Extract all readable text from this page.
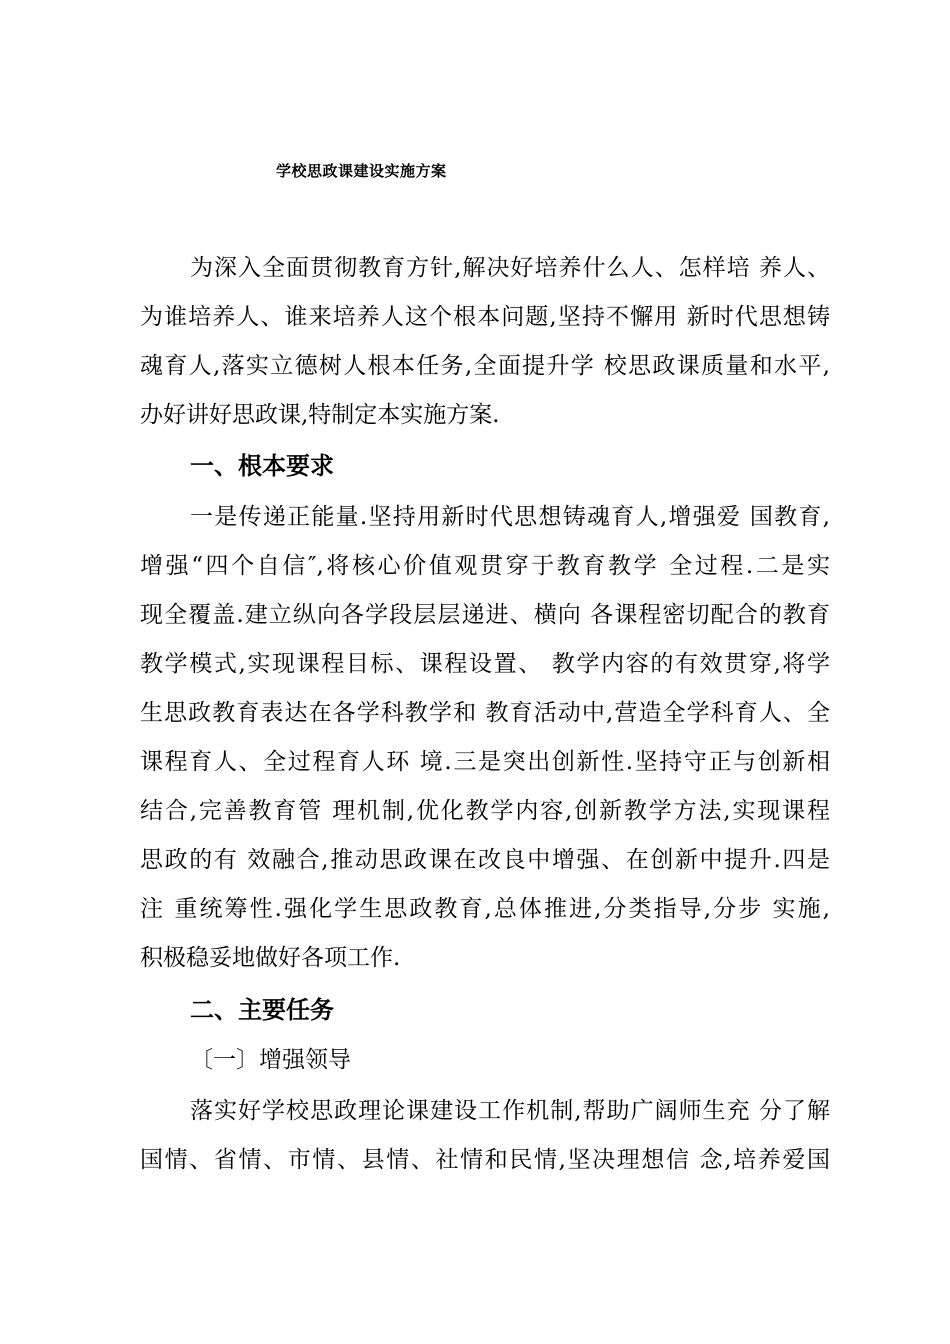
学校思政课建设实施方案
为深入全面贯彻教育方针,解决好培养什么人、怎样培 养人、
为谁培养人、谁来培养人这个根本问题,坚持不懈用 新时代思想铸
魂育人,落实立德树人根本任务,全面提升学 校思政课质量和水平,
办好讲好思政课,特制定本实施方案.
一、根本要求
一是传递正能量.坚持用新时代思想铸魂育人,增强爱 国教育,
增强“四个自信″,将核心价值观贯穿于教育教学 全过程.二是实
现全覆盖.建立纵向各学段层层递进、横向 各课程密切配合的教育
教学模式,实现课程目标、课程设置、 教学内容的有效贯穿,将学
生思政教育表达在各学科教学和 教育活动中,营造全学科育人、全
课程育人、全过程育人环 境.三是突出创新性.坚持守正与创新相
结合,完善教育管 理机制,优化教学内容,创新教学方法,实现课程
思政的有 效融合,推动思政课在改良中增强、在创新中提升.四是
注 重统筹性.强化学生思政教育,总体推进,分类指导,分步 实施,
积极稳妥地做好各项工作.
二、主要任务
〔一〕增强领导
落实好学校思政理论课建设工作机制,帮助广阔师生充 分了解
国情、省情、市情、县情、社情和民情,坚决理想信 念,培养爱国
